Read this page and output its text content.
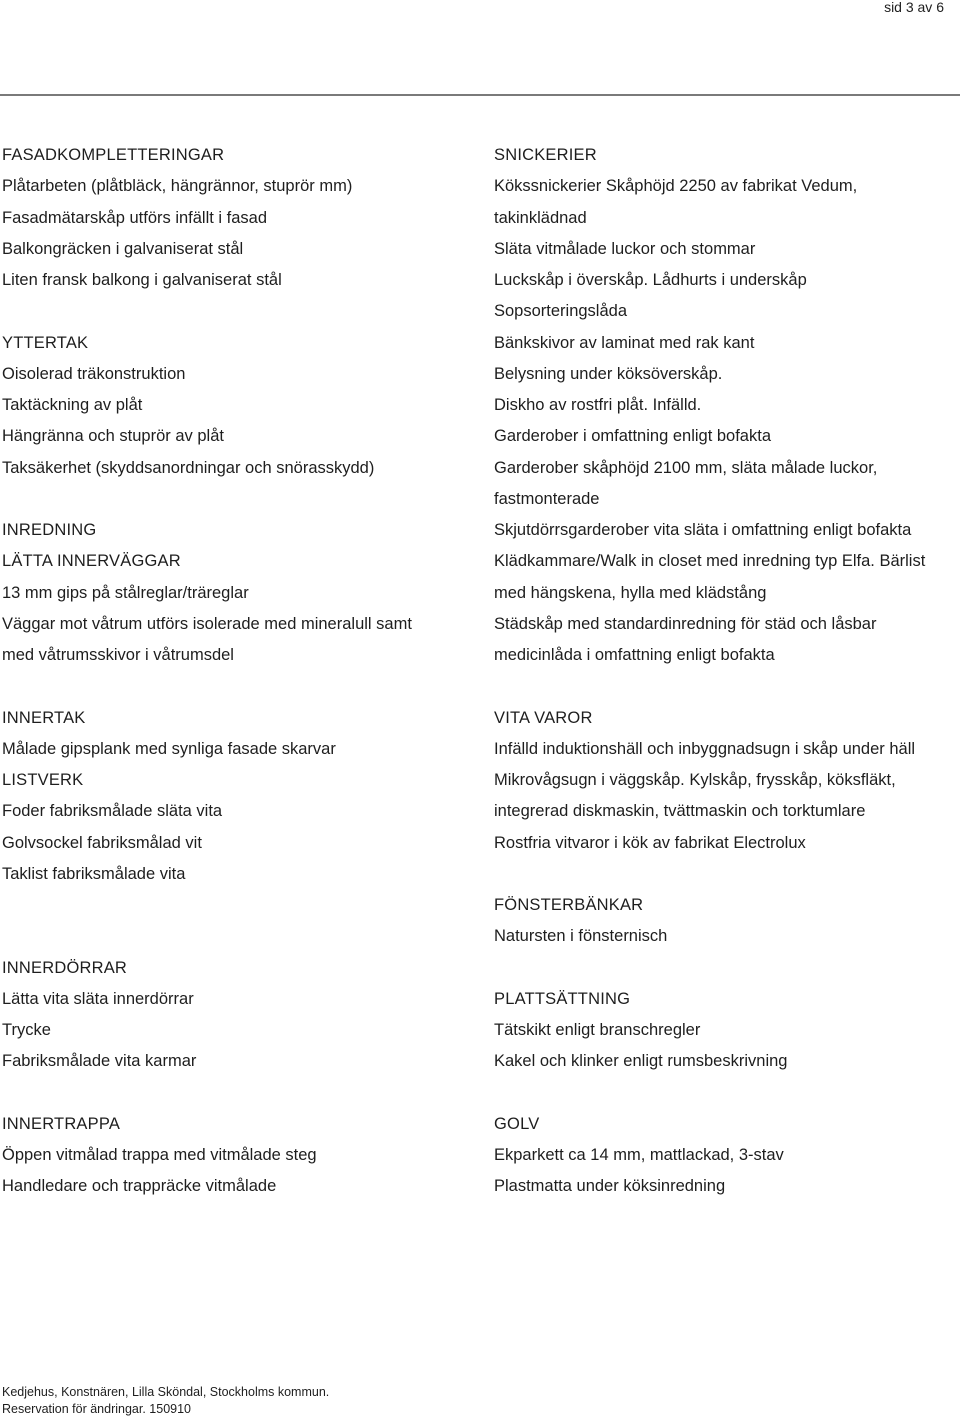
sid 3 av 6
FASADKOMPLETTERINGAR
Plåtarbeten (plåtbläck, hängrännor, stuprör mm)
Fasadmätarskåp utförs infällt i fasad
Balkongräcken i galvaniserat stål
Liten fransk balkong i galvaniserat stål
YTTERTAK
Oisolerad träkonstruktion
Taktäckning av plåt
Hängränna och stuprör av plåt
Taksäkerhet (skyddsanordningar och snörasskydd)
INREDNING
LÄTTA INNERVÄGGAR
13 mm gips på stålreglar/träreglar
Väggar mot våtrum utförs isolerade med mineralull samt
med våtrumsskivor i våtrumsdel
INNERTAK
Målade gipsplank med synliga fasade skarvar
LISTVERK
Foder fabriksmålade släta vita
Golvsockel fabriksmålad vit
Taklist fabriksmålade vita
INNERDÖRRAR
Lätta vita släta innerdörrar
Trycke
Fabriksmålade vita karmar
INNERTRAPPA
Öppen vitmålad trappa med vitmålade steg
Handledare och trappräcke vitmålade
SNICKERIER
Kökssnickerier Skåphöjd 2250 av fabrikat Vedum,
takinklädnad
Släta vitmålade luckor och stommar
Luckskåp i överskåp. Lådhurts i underskåp
Sopsorteringslåda
Bänkskivor av laminat med rak kant
Belysning under köksöverskåp.
Diskho av rostfri plåt. Infälld.
Garderober i omfattning enligt bofakta
Garderober skåphöjd 2100 mm, släta målade luckor,
fastmonterade
Skjutdörrsgarderober vita släta i omfattning enligt bofakta
Klädkammare/Walk in closet med inredning typ Elfa. Bärlist
med hängskena, hylla med klädstång
Städskåp med standardinredning för städ och låsbar
medicinlåda i omfattning enligt bofakta
VITA VAROR
Infälld induktionshäll och inbyggnadsugn i skåp under häll
Mikrovågsugn i väggskåp. Kylskåp, frysskåp, köksfläkt,
integrerad diskmaskin, tvättmaskin och torktumlare
Rostfria vitvaror i kök av fabrikat Electrolux
FÖNSTERBÄNKAR
Natursten i fönsternisch
PLATTSÄTTNING
Tätskikt enligt branschregler
Kakel och klinker enligt rumsbeskrivning
GOLV
Ekparkett ca 14 mm, mattlackad, 3-stav
Plastmatta under köksinredning
Kedjehus, Konstnären, Lilla Sköndal, Stockholms kommun.
Reservation för ändringar. 150910
